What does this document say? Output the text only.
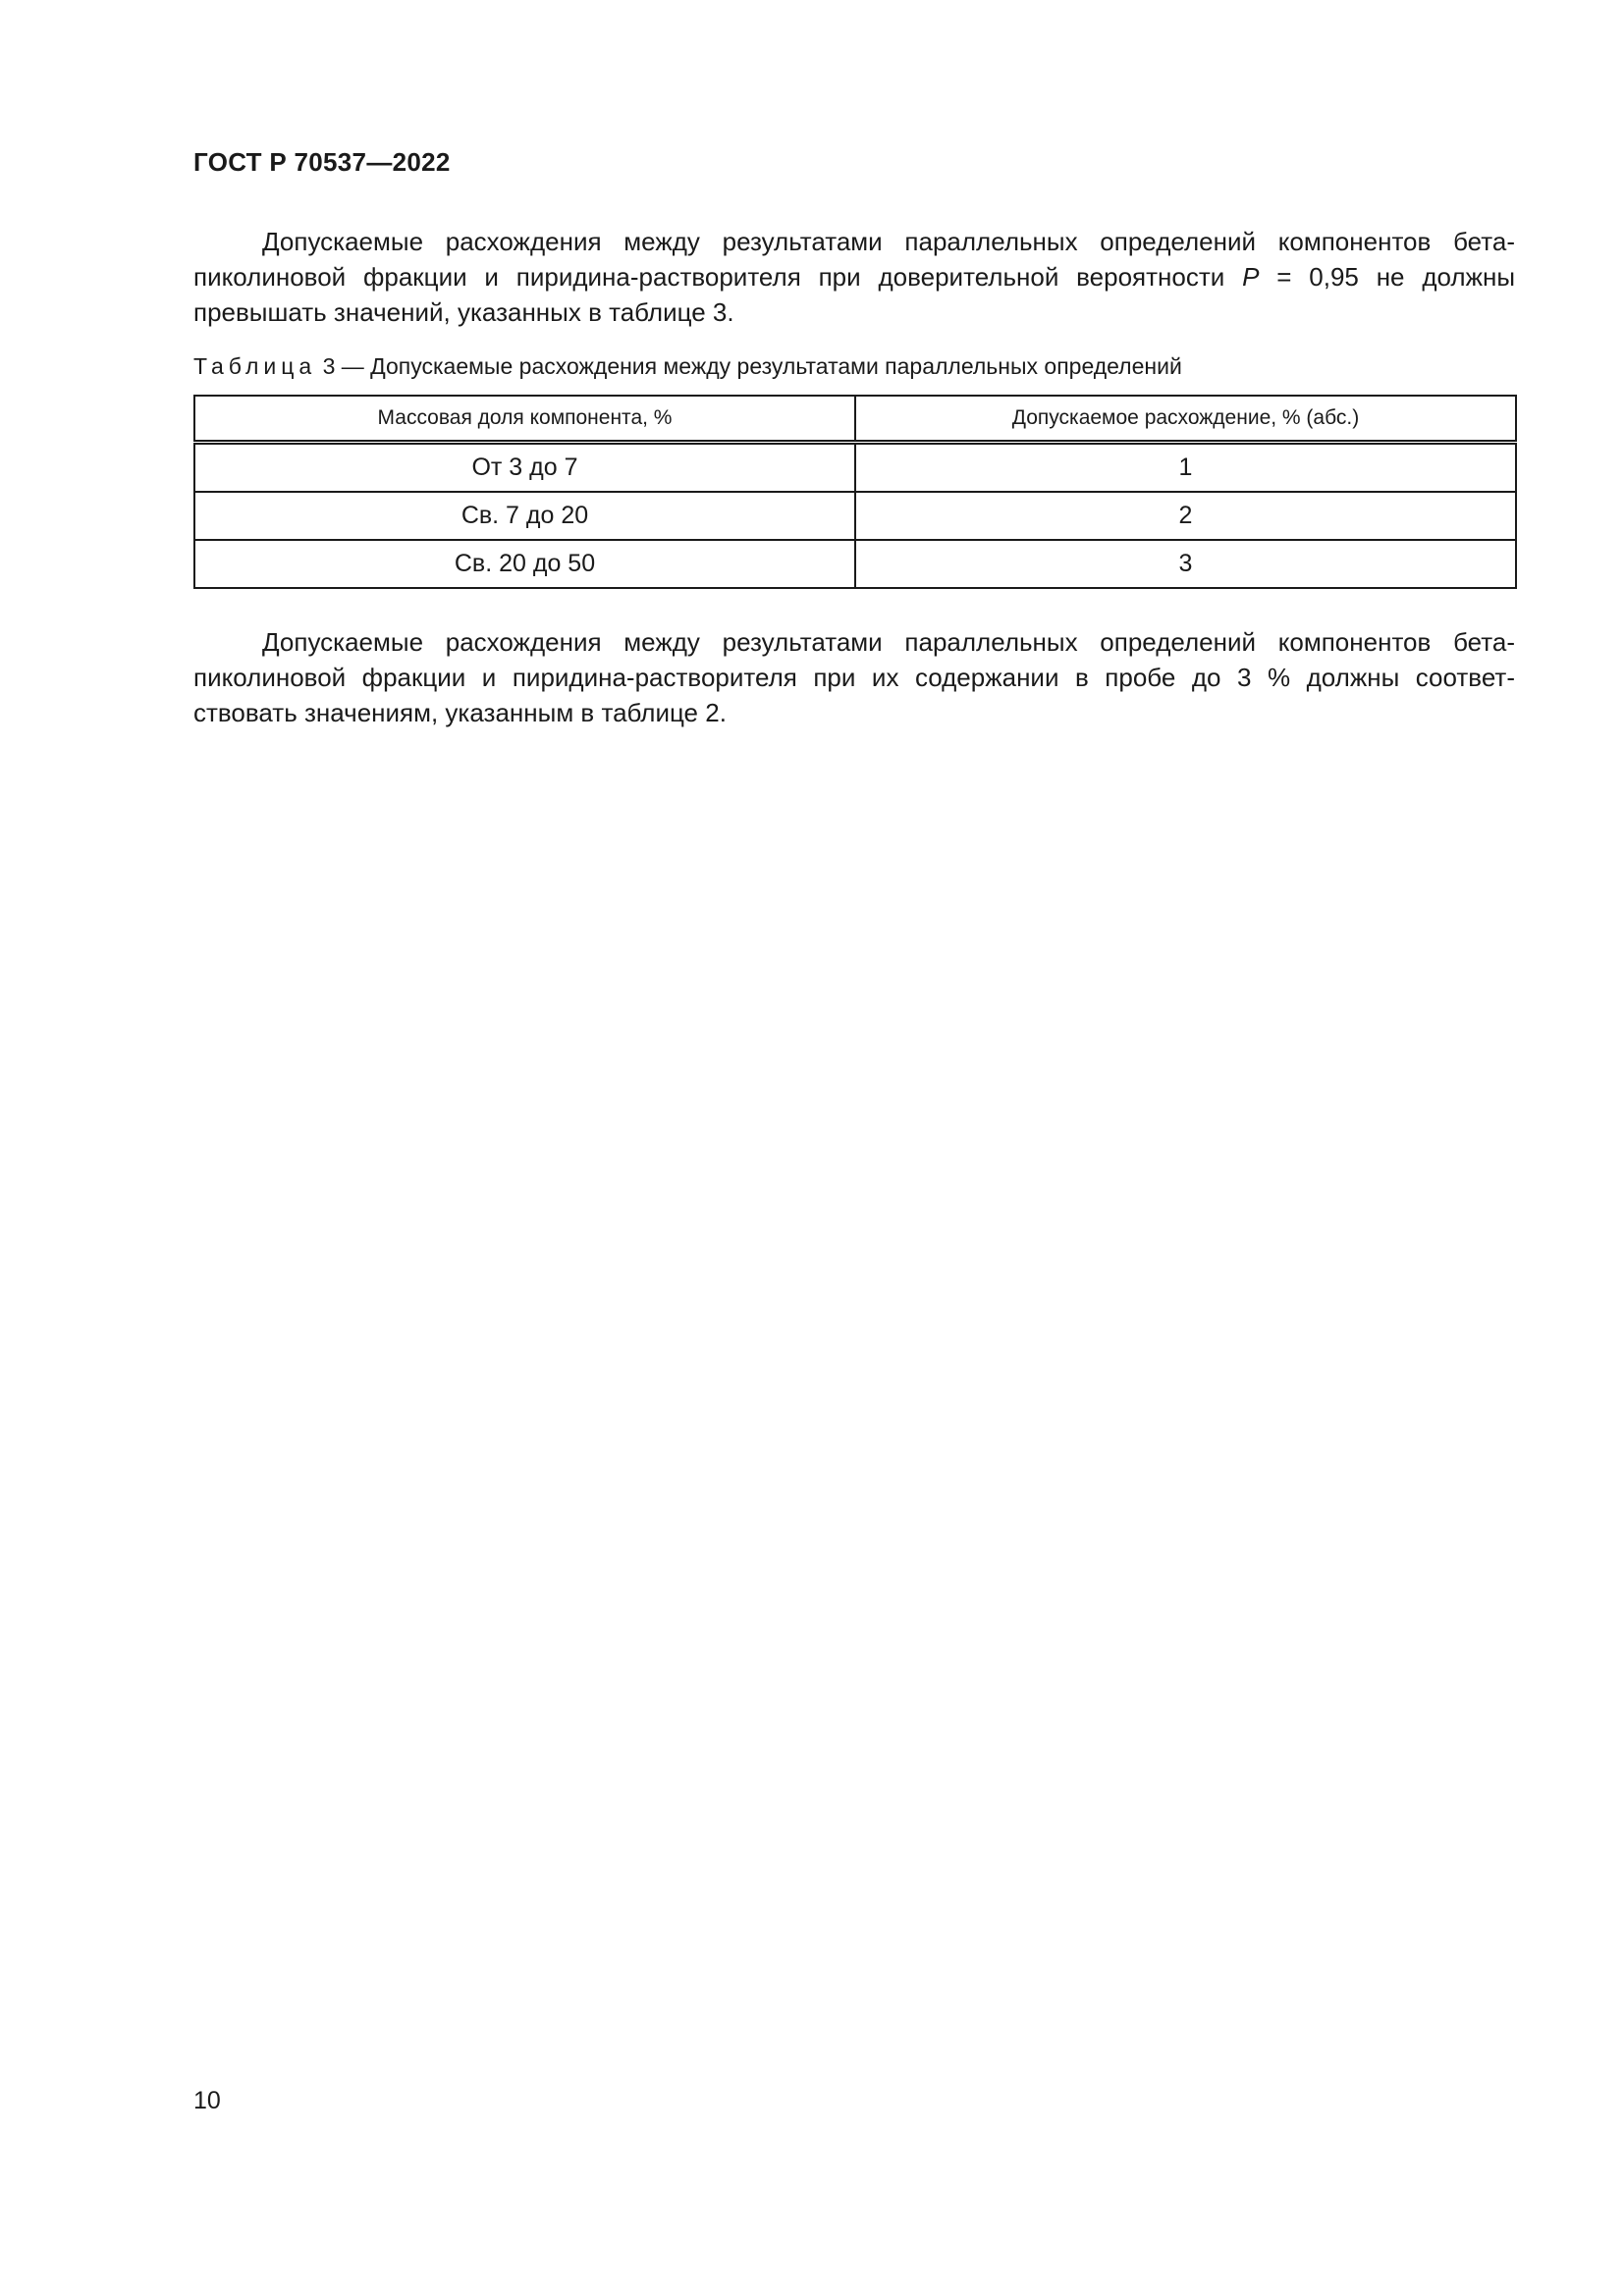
ГОСТ Р 70537—2022

Допускаемые расхождения между результатами параллельных определений компонентов бета-
пиколиновой фракции и пиридина-растворителя при доверительной вероятности P = 0,95 не должны
превышать значений, указанных в таблице 3.

Таблица 3 — Допускаемые расхождения между результатами параллельных определений

Массовая доля компонента, %	Допускаемое расхождение, % (абс.)
От 3 до 7	1
Св. 7 до 20	2
Св. 20 до 50	3

Допускаемые расхождения между результатами параллельных определений компонентов бета-
пиколиновой фракции и пиридина-растворителя при их содержании в пробе до 3 % должны соответ-
ствовать значениям, указанным в таблице 2.

10
